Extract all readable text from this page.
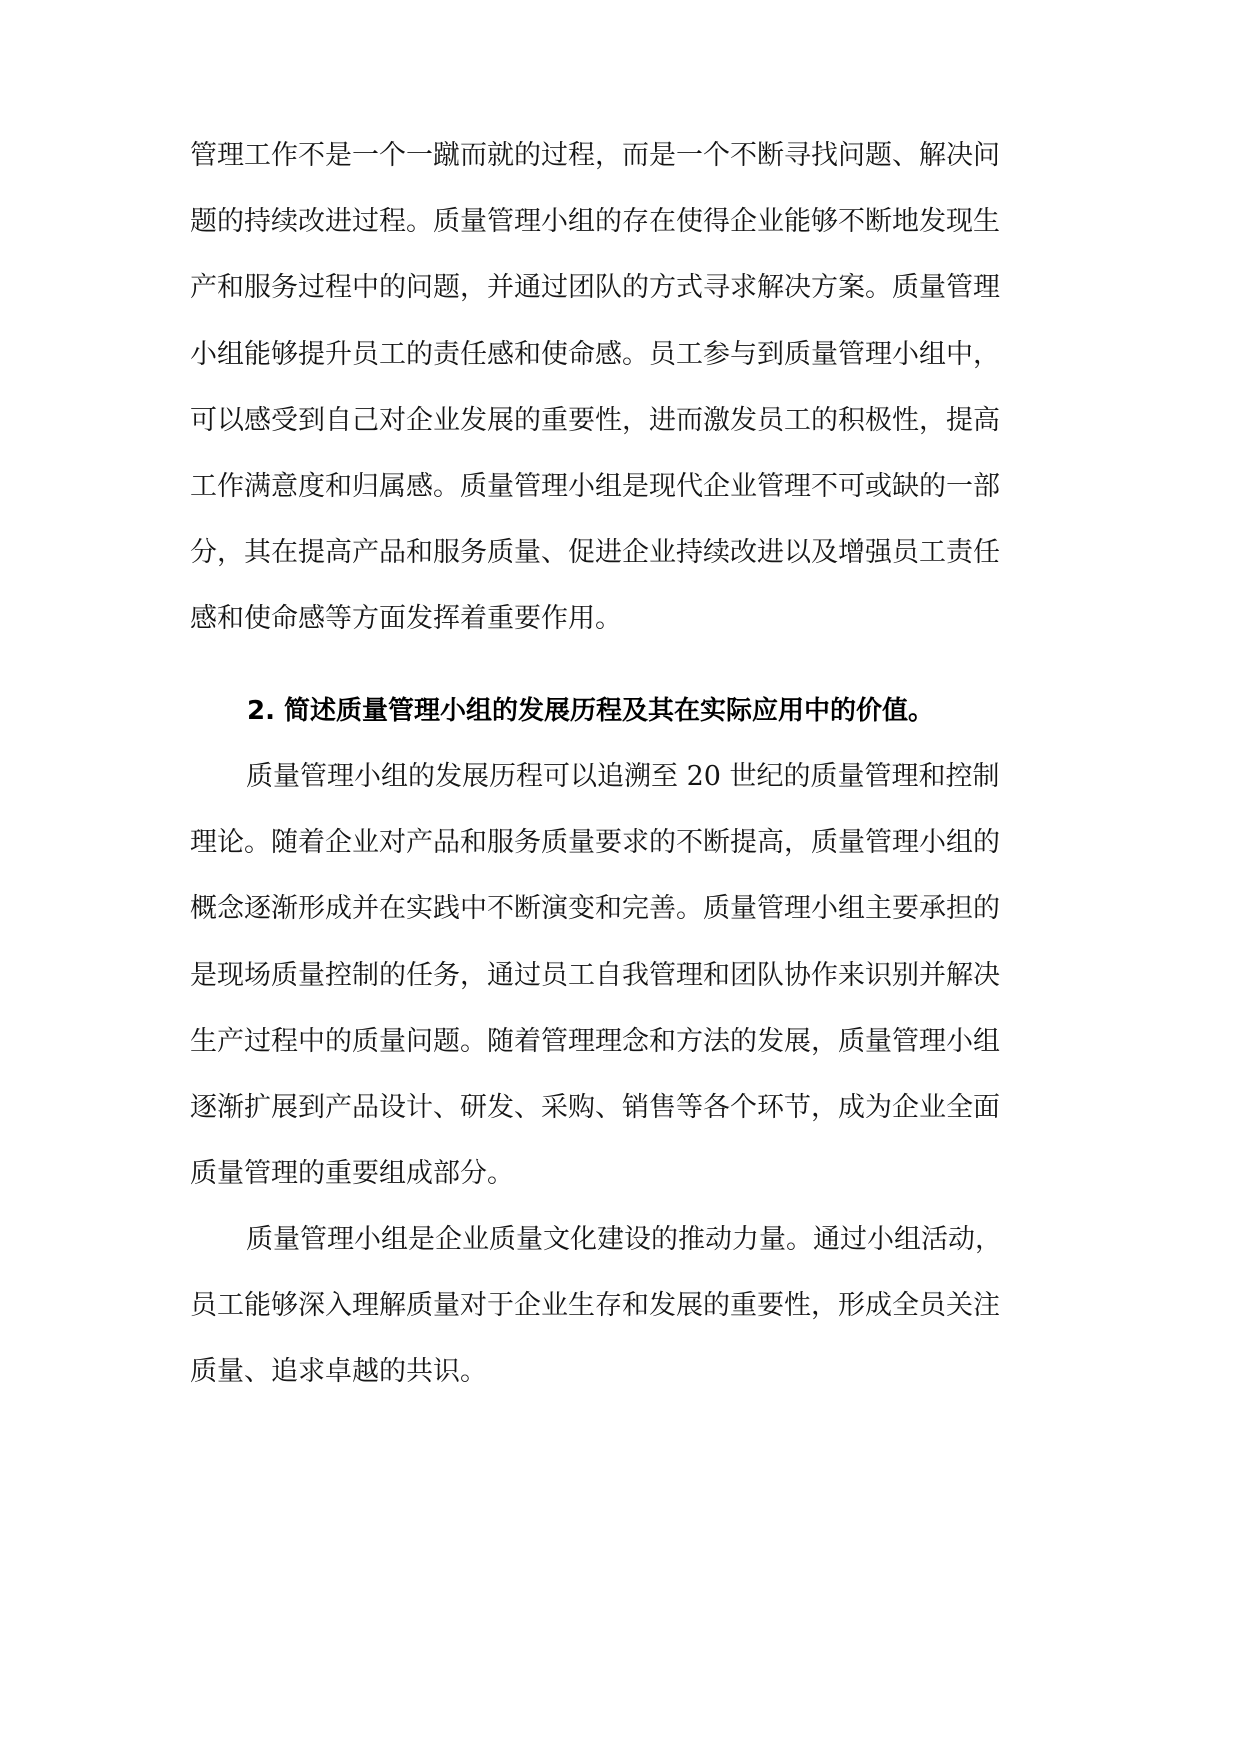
管理工作不是一个一蹴而就的过程，而是一个不断寻找问题、解决问
题的持续改进过程。质量管理小组的存在使得企业能够不断地发现生
产和服务过程中的问题，并通过团队的方式寻求解决方案。质量管理
小组能够提升员工的责任感和使命感。员工参与到质量管理小组中，
可以感受到自己对企业发展的重要性，进而激发员工的积极性，提高
工作满意度和归属感。质量管理小组是现代企业管理不可或缺的一部
分，其在提高产品和服务质量、促进企业持续改进以及增强员工责任
感和使命感等方面发挥着重要作用。
2. 简述质量管理小组的发展历程及其在实际应用中的价值。
质量管理小组的发展历程可以追溯至 20 世纪的质量管理和控制
理论。随着企业对产品和服务质量要求的不断提高，质量管理小组的
概念逐渐形成并在实践中不断演变和完善。质量管理小组主要承担的
是现场质量控制的任务，通过员工自我管理和团队协作来识别并解决
生产过程中的质量问题。随着管理理念和方法的发展，质量管理小组
逐渐扩展到产品设计、研发、采购、销售等各个环节，成为企业全面
质量管理的重要组成部分。
质量管理小组是企业质量文化建设的推动力量。通过小组活动，
员工能够深入理解质量对于企业生存和发展的重要性，形成全员关注
质量、追求卓越的共识。
